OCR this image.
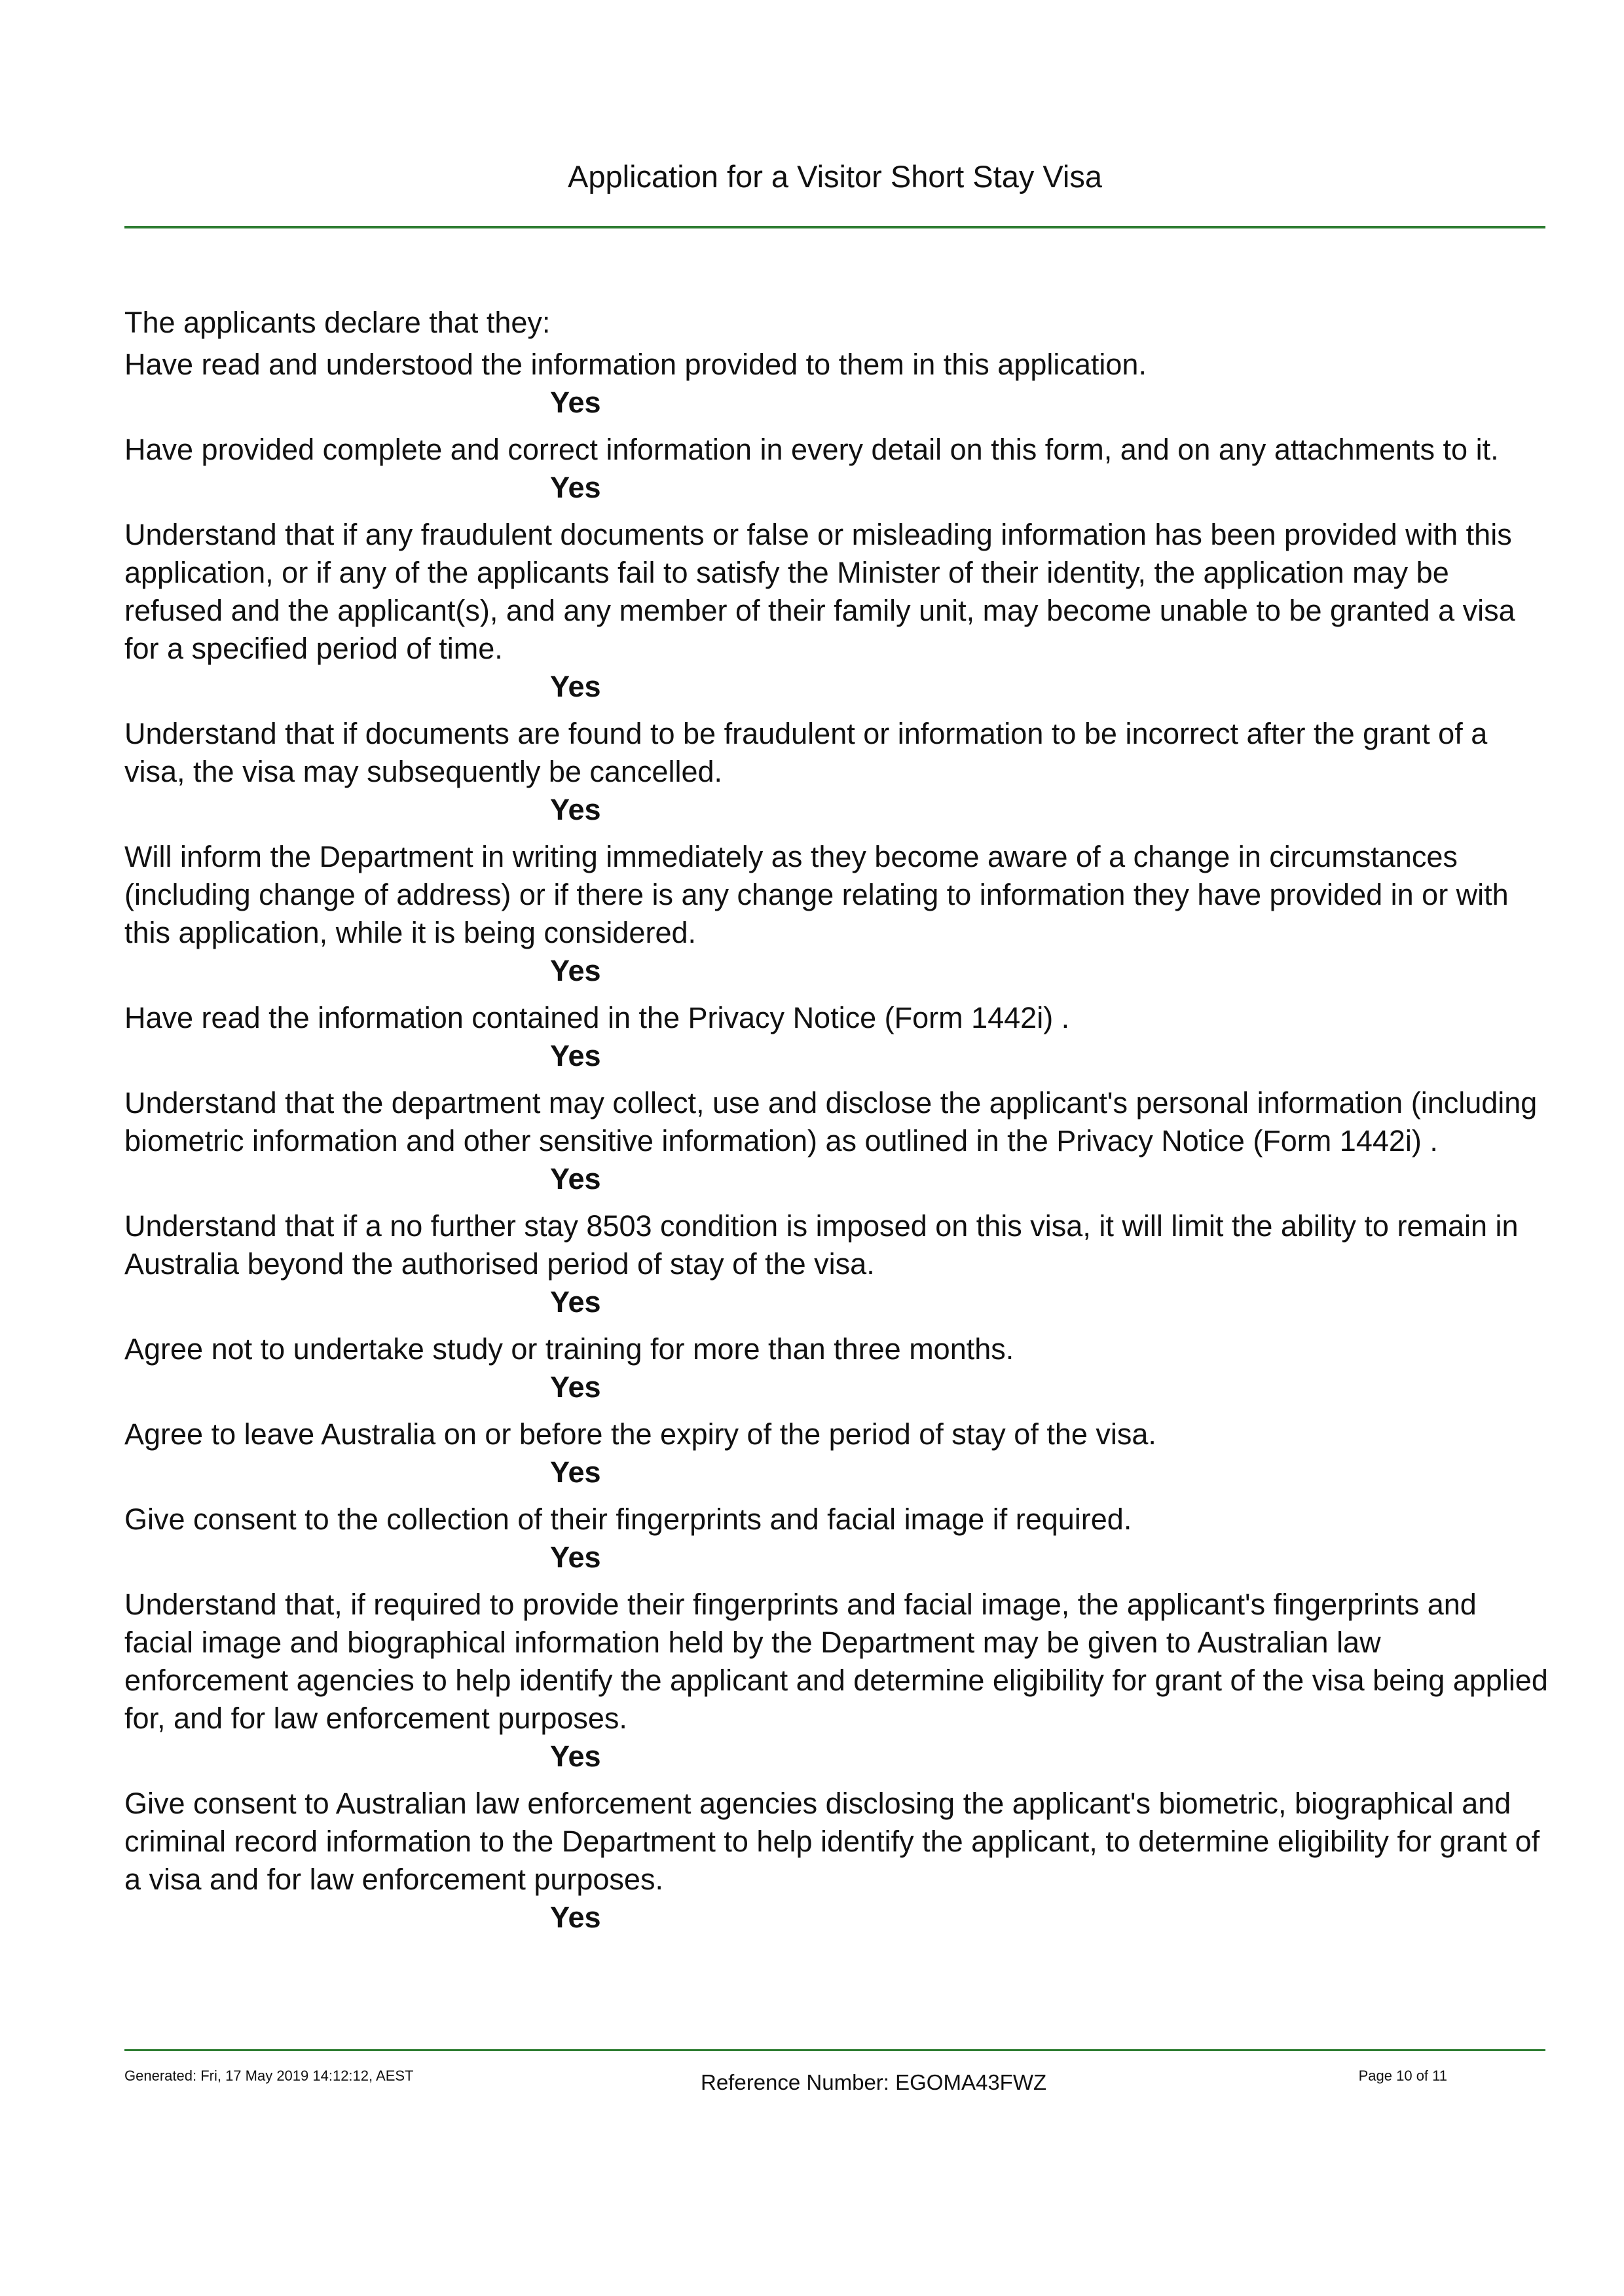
Application for a Visitor Short Stay Visa

The applicants declare that they:

Have read and understood the information provided to them in this application.

Yes

Have provided complete and correct information in every detail on this form, and on any attachments to it.

Yes

Understand that if any fraudulent documents or false or misleading information has been provided with this application, or if any of the applicants fail to satisfy the Minister of their identity, the application may be refused and the applicant(s), and any member of their family unit, may become unable to be granted a visa for a specified period of time.

Yes

Understand that if documents are found to be fraudulent or information to be incorrect after the grant of a visa, the visa may subsequently be cancelled.

Yes

Will inform the Department in writing immediately as they become aware of a change in circumstances (including change of address) or if there is any change relating to information they have provided in or with this application, while it is being considered.

Yes

Have read the information contained in the Privacy Notice (Form 1442i) .

Yes

Understand that the department may collect, use and disclose the applicant's personal information (including biometric information and other sensitive information) as outlined in the Privacy Notice (Form 1442i) .

Yes

Understand that if a no further stay 8503 condition is imposed on this visa, it will limit the ability to remain in Australia beyond the authorised period of stay of the visa.

Yes

Agree not to undertake study or training for more than three months.

Yes

Agree to leave Australia on or before the expiry of the period of stay of the visa.

Yes

Give consent to the collection of their fingerprints and facial image if required.

Yes

Understand that, if required to provide their fingerprints and facial image, the applicant's fingerprints and facial image and biographical information held by the Department may be given to Australian law enforcement agencies to help identify the applicant and determine eligibility for grant of the visa being applied for, and for law enforcement purposes.

Yes

Give consent to Australian law enforcement agencies disclosing the applicant's biometric, biographical and criminal record information to the Department to help identify the applicant, to determine eligibility for grant of a visa and for law enforcement purposes.

Yes

Generated: Fri, 17 May 2019 14:12:12, AEST	Reference Number: EGOMA43FWZ	Page 10 of 11
